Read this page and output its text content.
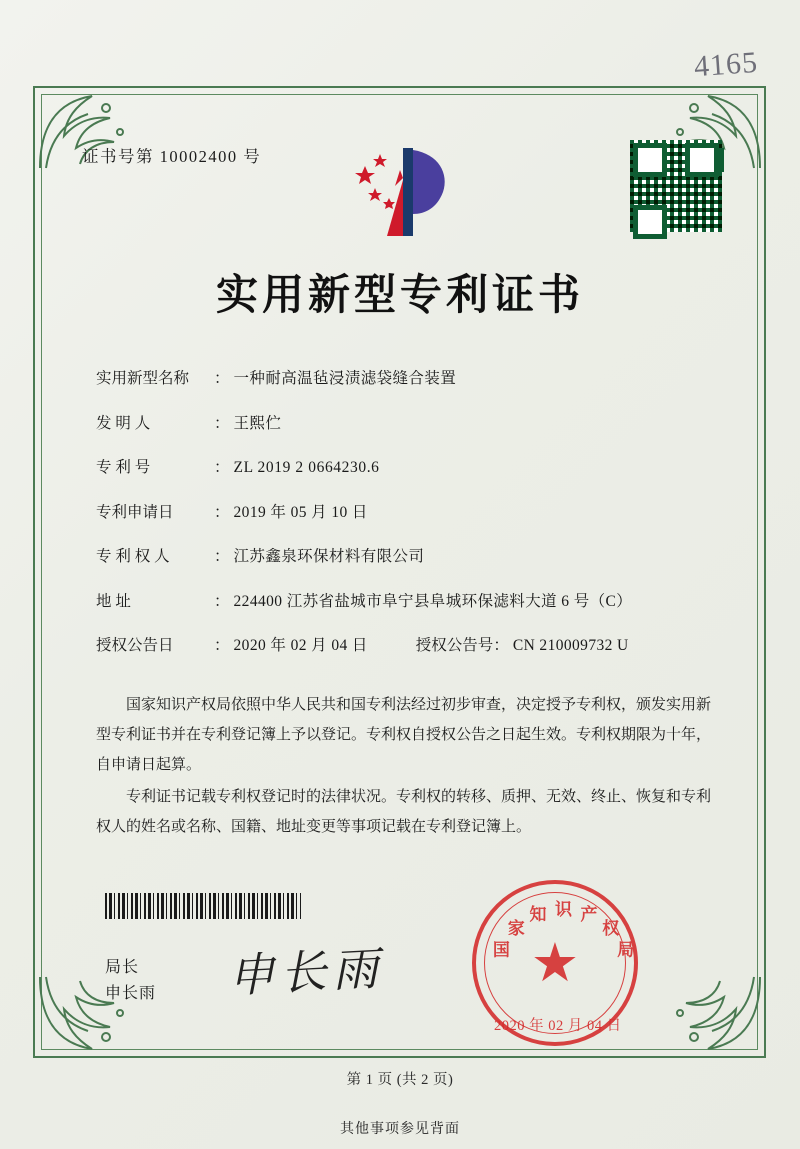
4165
证书号第 10002400 号
实用新型专利证书
实用新型名称	： 一种耐高温毡浸渍滤袋缝合装置
发 明 人	： 王熙伫
专 利 号	： ZL 2019 2 0664230.6
专利申请日	： 2019 年 05 月 10 日
专 利 权 人	： 江苏鑫泉环保材料有限公司
地 址	： 224400 江苏省盐城市阜宁县阜城环保滤料大道 6 号（C）
授权公告日	： 2020 年 02 月 04 日	授权公告号 ： CN 210009732 U

国家知识产权局依照中华人民共和国专利法经过初步审查，决定授予专利权，颁发实用新型专利证书并在专利登记簿上予以登记。专利权自授权公告之日起生效。专利权期限为十年，自申请日起算。

专利证书记载专利权登记时的法律状况。专利权的转移、质押、无效、终止、恢复和专利权人的姓名或名称、国籍、地址变更等事项记载在专利登记簿上。

局长
申长雨 申长雨	★
国
家
知 识 产
权
局
2020 年 02 月 04 日
第 1 页 (共 2 页)
其他事项参见背面
